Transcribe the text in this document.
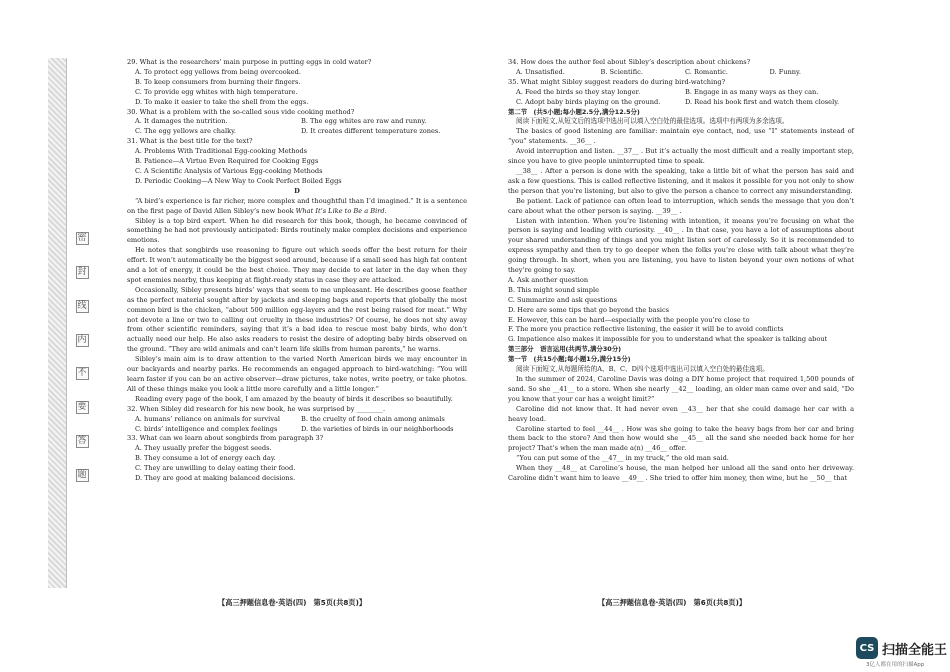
密
封
线
内
不
要
答
题

29. What is the researchers' main purpose in putting eggs in cold water?

A. To protect egg yellows from being overcooked.

B. To keep consumers from burning their fingers.

C. To provide egg whites with high temperature.

D. To make it easier to take the shell from the eggs.

30. What is a problem with the so-called sous vide cooking method?

A. It damages the nutrition.	B. The egg whites are raw and runny.
C. The egg yellows are chalky.	D. It creates different temperature zones.

31. What is the best title for the text?

A. Problems With Traditional Egg-cooking Methods

B. Patience—A Virtue Even Required for Cooking Eggs

C. A Scientific Analysis of Various Egg-cooking Methods

D. Periodic Cooking—A New Way to Cook Perfect Boiled Eggs

D

“A bird’s experience is far richer, more complex and thoughtful than I’d imagined.” It is a sentence on the first page of David Allen Sibley’s new book What It’s Like to Be a Bird.

Sibley is a top bird expert. When he did research for this book, though, he became convinced of something he had not previously anticipated: Birds routinely make complex decisions and experience emotions.

He notes that songbirds use reasoning to figure out which seeds offer the best return for their effort. It won’t automatically be the biggest seed around, because if a small seed has high fat content and a lot of energy, it could be the best choice. They may decide to eat later in the day when they spot enemies nearby, thus keeping at flight-ready status in case they are attacked.

Occasionally, Sibley presents birds’ ways that seem to me unpleasant. He describes goose feather as the perfect material sought after by jackets and sleeping bags and reports that globally the most common bird is the chicken, “about 500 million egg-layers and the rest being raised for meat.” Why not devote a line or two to calling out cruelty in these industries? Of course, he does not shy away from other scientific reminders, saying that it’s a bad idea to rescue most baby birds, who don’t actually need our help. He also asks readers to resist the desire of adopting baby birds observed on the ground. “They are wild animals and can’t learn life skills from human parents,” he warns.

Sibley’s main aim is to draw attention to the varied North American birds we may encounter in our backyards and nearby parks. He recommends an engaged approach to bird-watching: “You will learn faster if you can be an active observer—draw pictures, take notes, write poetry, or take photos. All of these things make you look a little more carefully and a little longer.”

Reading every page of the book, I am amazed by the beauty of birds it describes so beautifully.

32. When Sibley did research for his new book, he was surprised by ________.

A. humans’ reliance on animals for survival	B. the cruelty of food chain among animals
C. birds’ intelligence and complex feelings	D. the varieties of birds in our neighborhoods

33. What can we learn about songbirds from paragraph 3?

A. They usually prefer the biggest seeds.

B. They consume a lot of energy each day.

C. They are unwilling to delay eating their food.

D. They are good at making balanced decisions.

【高三押题信息卷·英语(四)　第5页(共8页)】

34. How does the author feel about Sibley’s description about chickens?

A. Unsatisfied.	B. Scientific.	C. Romantic.	D. Funny.

35. What might Sibley suggest readers do during bird-watching?

A. Feed the birds so they stay longer.	B. Engage in as many ways as they can.
C. Adopt baby birds playing on the ground.	D. Read his book first and watch them closely.

第二节　(共5小题;每小题2.5分,满分12.5分)

阅读下面短文,从短文后的选项中选出可以填入空白处的最佳选项。选项中有两项为多余选项。

The basics of good listening are familiar: maintain eye contact, nod, use “I” statements instead of “you” statements. __36__ .

Avoid interruption and listen. __37__ . But it’s actually the most difficult and a really important step, since you have to give people uninterrupted time to speak.

__38__ . After a person is done with the speaking, take a little bit of what the person has said and ask a few questions. This is called reflective listening, and it makes it possible for you not only to show the person that you’re listening, but also to give the person a chance to correct any misunderstanding.

Be patient. Lack of patience can often lead to interruption, which sends the message that you don’t care about what the other person is saying. __39__ .

Listen with intention. When you’re listening with intention, it means you’re focusing on what the person is saying and leading with curiosity. __40__ . In that case, you have a lot of assumptions about your shared understanding of things and you might listen sort of carelessly. So it is recommended to express sympathy and then try to go deeper when the folks you’re close with talk about what they’re going through. In short, when you are listening, you have to listen beyond your own notions of what they’re going to say.

A. Ask another question

B. This might sound simple

C. Summarize and ask questions

D. Here are some tips that go beyond the basics

E. However, this can be hard—especially with the people you’re close to

F. The more you practice reflective listening, the easier it will be to avoid conflicts

G. Impatience also makes it impossible for you to understand what the speaker is talking about

第三部分　语言运用(共两节,满分30分)

第一节　(共15小题;每小题1分,满分15分)

阅读下面短文,从每题所给的A、B、C、D四个选项中选出可以填入空白处的最佳选项。

In the summer of 2024, Caroline Davis was doing a DIY home project that required 1,500 pounds of sand. So she __41__ to a store. When she nearly __42__ loading, an older man came over and said, “Do you know that your car has a weight limit?”

Caroline did not know that. It had never even __43__ her that she could damage her car with a heavy load.

Caroline started to feel __44__ . How was she going to take the heavy bags from her car and bring them back to the store? And then how would she __45__ all the sand she needed back home for her project? That’s when the man made a(n) __46__ offer.

“You can put some of the __47__ in my truck,” the old man said.

When they __48__ at Caroline’s house, the man helped her unload all the sand onto her driveway. Caroline didn’t want him to leave __49__ . She tried to offer him money, then wine, but he __50__ that

【高三押题信息卷·英语(四)　第6页(共8页)】
CS 扫描全能王
3亿人都在用的扫描App
